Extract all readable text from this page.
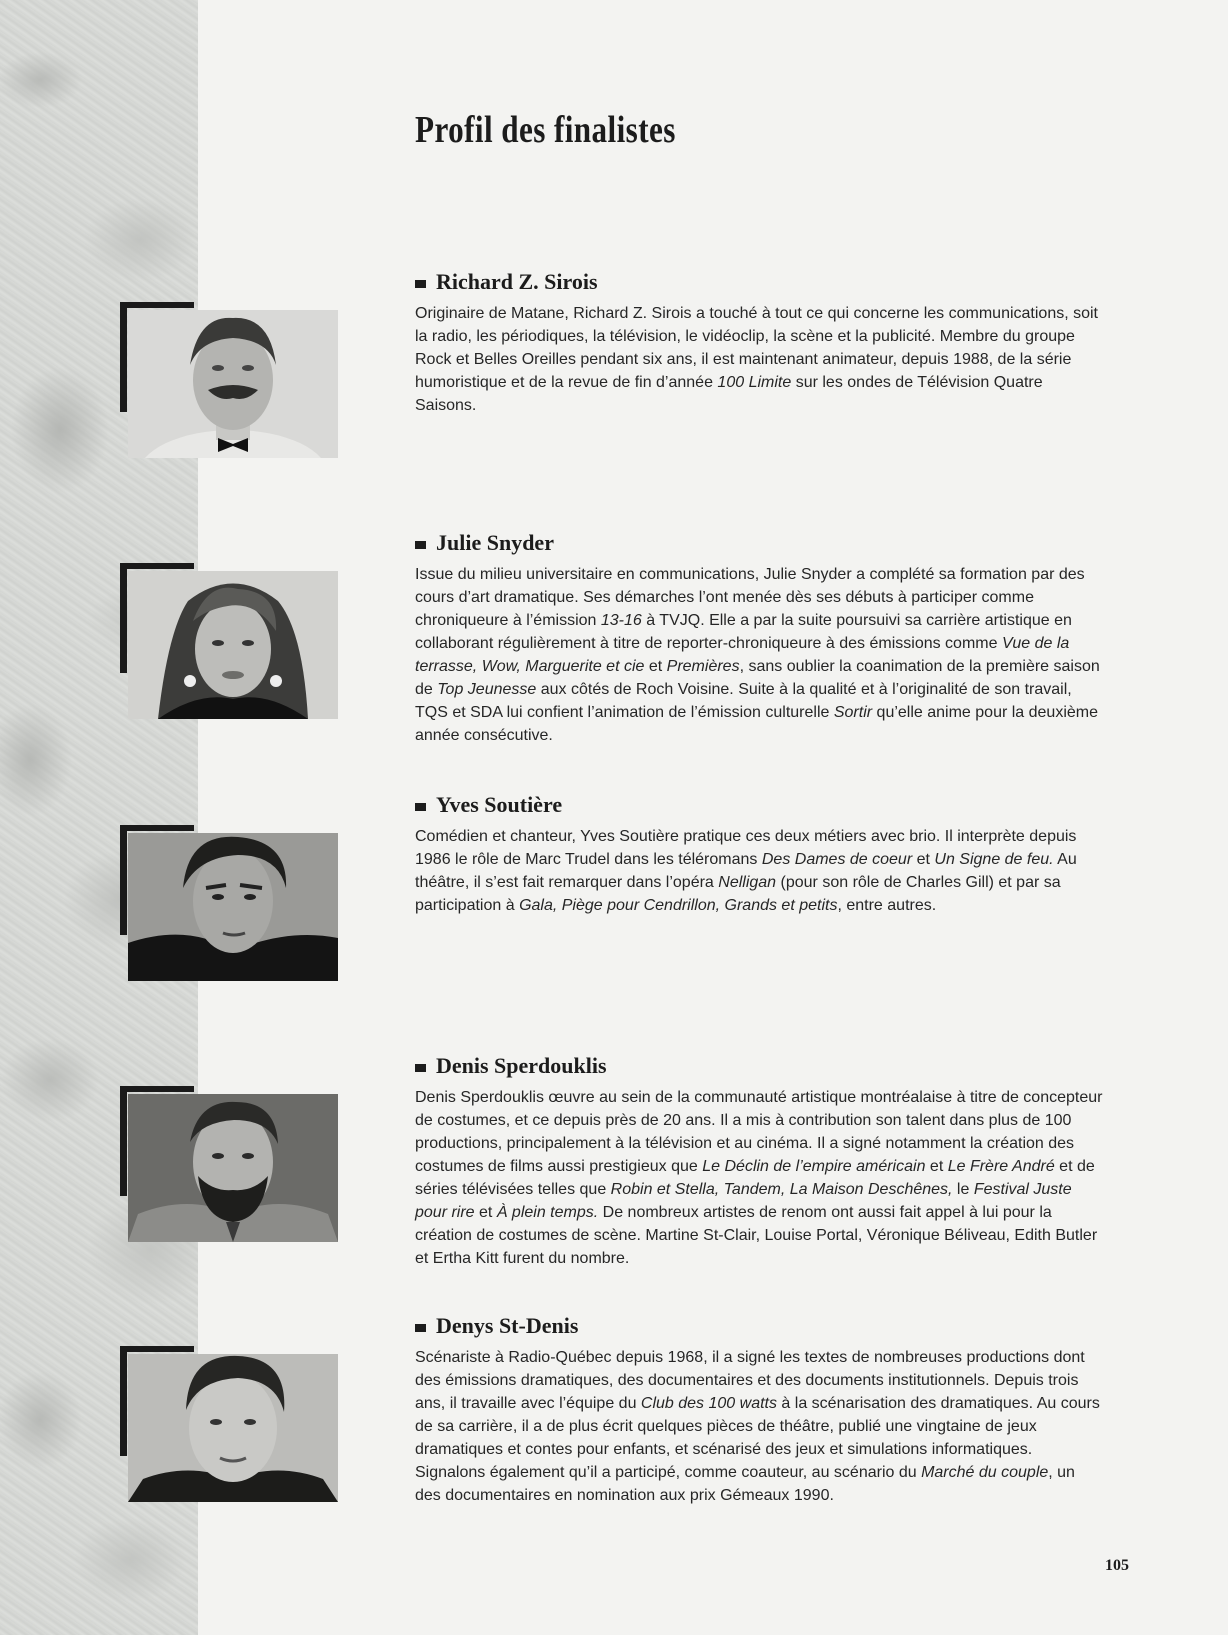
Profil des finalistes
Richard Z. Sirois

Originaire de Matane, Richard Z. Sirois a touché à tout ce qui concerne les communications, soit la radio, les périodiques, la télévision, le vidéoclip, la scène et la publicité. Membre du groupe Rock et Belles Oreilles pendant six ans, il est maintenant animateur, depuis 1988, de la série humoristique et de la revue de fin d’année 100 Limite sur les ondes de Télévision Quatre Saisons.

Julie Snyder

Issue du milieu universitaire en communications, Julie Snyder a complété sa formation par des cours d’art dramatique. Ses démarches l’ont menée dès ses débuts à participer comme chroniqueure à l’émission 13-16 à TVJQ. Elle a par la suite poursuivi sa carrière artistique en collaborant régulièrement à titre de reporter-chroniqueure à des émissions comme Vue de la terrasse, Wow, Marguerite et cie et Premières, sans oublier la coanimation de la première saison de Top Jeunesse aux côtés de Roch Voisine. Suite à la qualité et à l’originalité de son travail, TQS et SDA lui confient l’animation de l’émission culturelle Sortir qu’elle anime pour la deuxième année consécutive.

Yves Soutière

Comédien et chanteur, Yves Soutière pratique ces deux métiers avec brio. Il interprète depuis 1986 le rôle de Marc Trudel dans les téléromans Des Dames de coeur et Un Signe de feu. Au théâtre, il s’est fait remarquer dans l’opéra Nelligan (pour son rôle de Charles Gill) et par sa participation à Gala, Piège pour Cendrillon, Grands et petits, entre autres.

Denis Sperdouklis

Denis Sperdouklis œuvre au sein de la communauté artistique montréalaise à titre de concepteur de costumes, et ce depuis près de 20 ans. Il a mis à contribution son talent dans plus de 100 productions, principalement à la télévision et au cinéma. Il a signé notamment la création des costumes de films aussi prestigieux que Le Déclin de l’empire américain et Le Frère André et de séries télévisées telles que Robin et Stella, Tandem, La Maison Deschênes, le Festival Juste pour rire et À plein temps. De nombreux artistes de renom ont aussi fait appel à lui pour la création de costumes de scène. Martine St-Clair, Louise Portal, Véronique Béliveau, Edith Butler et Ertha Kitt furent du nombre.

Denys St-Denis

Scénariste à Radio-Québec depuis 1968, il a signé les textes de nombreuses productions dont des émissions dramatiques, des documentaires et des documents institutionnels. Depuis trois ans, il travaille avec l’équipe du Club des 100 watts à la scénarisation des dramatiques. Au cours de sa carrière, il a de plus écrit quelques pièces de théâtre, publié une vingtaine de jeux dramatiques et contes pour enfants, et scénarisé des jeux et simulations informatiques. Signalons également qu’il a participé, comme coauteur, au scénario du Marché du couple, un des documentaires en nomination aux prix Gémeaux 1990.

105
